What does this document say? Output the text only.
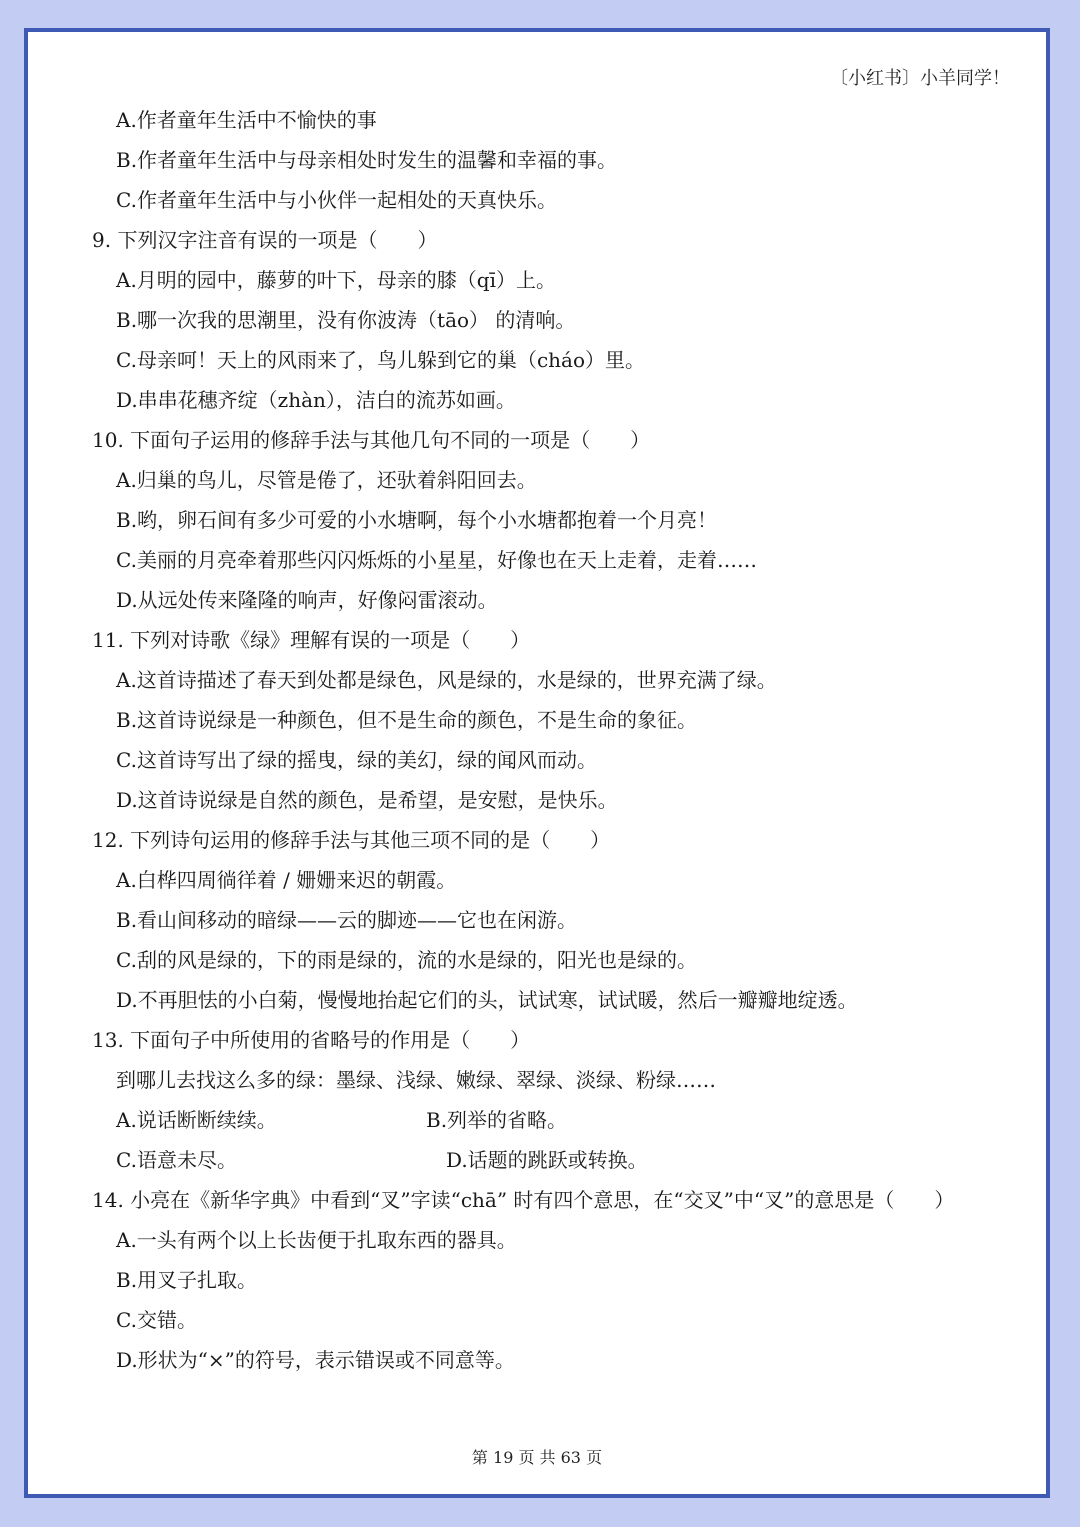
〔小红书〕小羊同学！
A.作者童年生活中不愉快的事
B.作者童年生活中与母亲相处时发生的温馨和幸福的事。
C.作者童年生活中与小伙伴一起相处的天真快乐。
9. 下列汉字注音有误的一项是（　　）
A.月明的园中，藤萝的叶下，母亲的膝（qī）上。
B.哪一次我的思潮里，没有你波涛（tāo） 的清响。
C.母亲呵！天上的风雨来了，鸟儿躲到它的巢（cháo）里。
D.串串花穗齐绽（zhàn），洁白的流苏如画。
10. 下面句子运用的修辞手法与其他几句不同的一项是（　　）
A.归巢的鸟儿，尽管是倦了，还驮着斜阳回去。
B.哟，卵石间有多少可爱的小水塘啊，每个小水塘都抱着一个月亮！
C.美丽的月亮牵着那些闪闪烁烁的小星星，好像也在天上走着，走着……
D.从远处传来隆隆的响声，好像闷雷滚动。
11. 下列对诗歌《绿》理解有误的一项是（　　）
A.这首诗描述了春天到处都是绿色，风是绿的，水是绿的，世界充满了绿。
B.这首诗说绿是一种颜色，但不是生命的颜色，不是生命的象征。
C.这首诗写出了绿的摇曳，绿的美幻，绿的闻风而动。
D.这首诗说绿是自然的颜色，是希望，是安慰，是快乐。
12. 下列诗句运用的修辞手法与其他三项不同的是（　　）
A.白桦四周徜徉着 / 姗姗来迟的朝霞。
B.看山间移动的暗绿——云的脚迹——它也在闲游。
C.刮的风是绿的，下的雨是绿的，流的水是绿的，阳光也是绿的。
D.不再胆怯的小白菊，慢慢地抬起它们的头，试试寒，试试暖，然后一瓣瓣地绽透。
13. 下面句子中所使用的省略号的作用是（　　）
到哪儿去找这么多的绿：墨绿、浅绿、嫩绿、翠绿、淡绿、粉绿……
A.说话断断续续。	B.列举的省略。
C.语意未尽。	D.话题的跳跃或转换。
14. 小亮在《新华字典》中看到“叉”字读“chā” 时有四个意思，在“交叉”中“叉”的意思是（　　）
A.一头有两个以上长齿便于扎取东西的器具。
B.用叉子扎取。
C.交错。
D.形状为“×”的符号，表示错误或不同意等。
第 19 页 共 63 页
